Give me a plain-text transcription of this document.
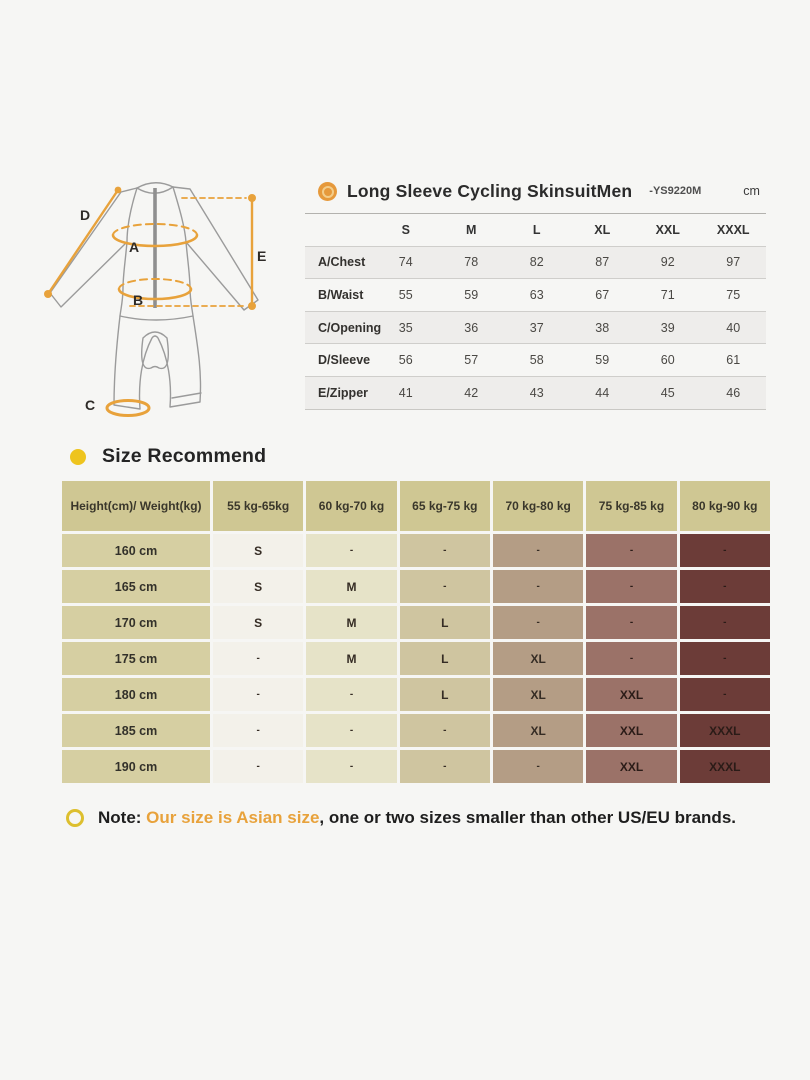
D
A
B
C
E
Long Sleeve Cycling SkinsuitMen -YS9220M	cm
S	M	L	XL	XXL	XXXL
A/Chest	74	78	82	87	92	97
B/Waist	55	59	63	67	71	75
C/Opening	35	36	37	38	39	40
D/Sleeve	56	57	58	59	60	61
E/Zipper	41	42	43	44	45	46
Size Recommend
Height(cm)/ Weight(kg)	55 kg-65kg	60 kg-70 kg	65 kg-75 kg	70 kg-80 kg	75 kg-85 kg	80 kg-90 kg
160 cm	S	-	-	-	-	-
165 cm	S	M	-	-	-	-
170 cm	S	M	L	-	-	-
175 cm	-	M	L	XL	-	-
180 cm	-	-	L	XL	XXL	-
185 cm	-	-	-	XL	XXL	XXXL
190 cm	-	-	-	-	XXL	XXXL
Note: Our size is Asian size, one or two sizes smaller than other US/EU brands.
